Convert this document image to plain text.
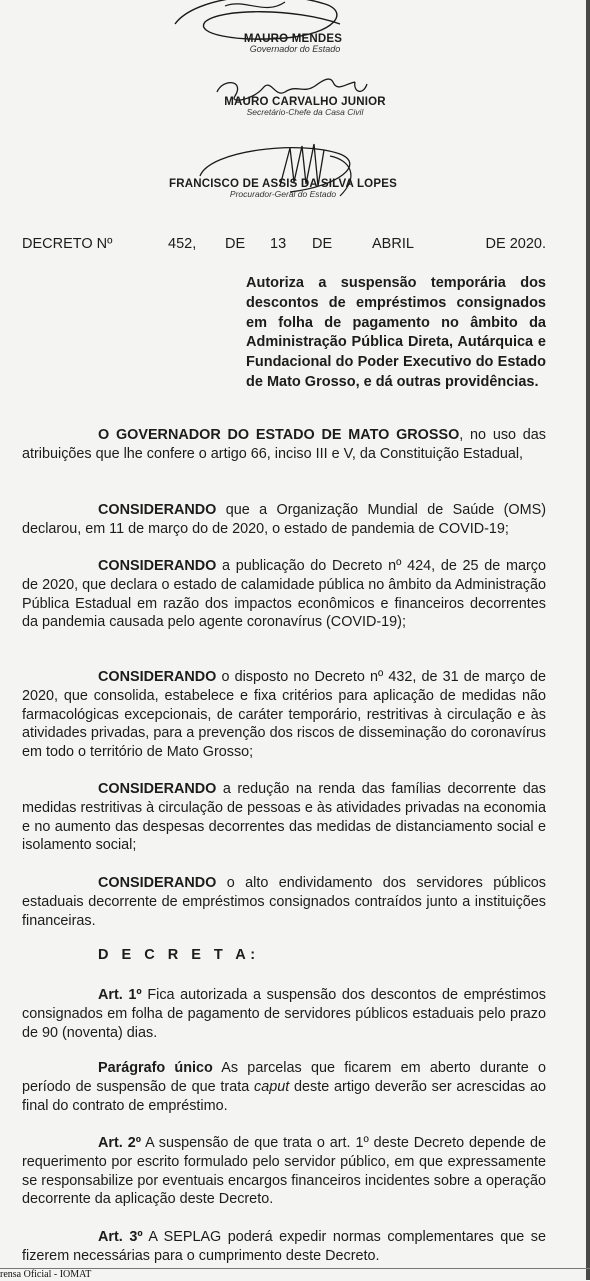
MAURO MENDES
Governador do Estado
MAURO CARVALHO JUNIOR
Secretário-Chefe da Casa Civil
FRANCISCO DE ASSIS DA SILVA LOPES
Procurador-Geral do Estado
DECRETO Nº	452, DE 13 DE	ABRIL	DE 2020.
Autoriza a suspensão temporária dos descontos de empréstimos consignados em folha de pagamento no âmbito da Administração Pública Direta, Autárquica e Fundacional do Poder Executivo do Estado de Mato Grosso, e dá outras providências.

O GOVERNADOR DO ESTADO DE MATO GROSSO, no uso das atribuições que lhe confere o artigo 66, inciso III e V, da Constituição Estadual,

CONSIDERANDO que a Organização Mundial de Saúde (OMS) declarou, em 11 de março do de 2020, o estado de pandemia de COVID-19;

CONSIDERANDO a publicação do Decreto nº 424, de 25 de março de 2020, que declara o estado de calamidade pública no âmbito da Administração Pública Estadual em razão dos impactos econômicos e financeiros decorrentes da pandemia causada pelo agente coronavírus (COVID-19);

CONSIDERANDO o disposto no Decreto nº 432, de 31 de março de 2020, que consolida, estabelece e fixa critérios para aplicação de medidas não farmacológicas excepcionais, de caráter temporário, restritivas à circulação e às atividades privadas, para a prevenção dos riscos de disseminação do coronavírus em todo o território de Mato Grosso;

CONSIDERANDO a redução na renda das famílias decorrente das medidas restritivas à circulação de pessoas e às atividades privadas na economia e no aumento das despesas decorrentes das medidas de distanciamento social e isolamento social;

CONSIDERANDO o alto endividamento dos servidores públicos estaduais decorrente de empréstimos consignados contraídos junto a instituições financeiras.

D E C R E T A:

Art. 1º Fica autorizada a suspensão dos descontos de empréstimos consignados em folha de pagamento de servidores públicos estaduais pelo prazo de 90 (noventa) dias.

Parágrafo único As parcelas que ficarem em aberto durante o período de suspensão de que trata caput deste artigo deverão ser acrescidas ao final do contrato de empréstimo.

Art. 2º A suspensão de que trata o art. 1º deste Decreto depende de requerimento por escrito formulado pelo servidor público, em que expressamente se responsabilize por eventuais encargos financeiros incidentes sobre a operação decorrente da aplicação deste Decreto.

Art. 3º A SEPLAG poderá expedir normas complementares que se fizerem necessárias para o cumprimento deste Decreto.

rensa Oficial - IOMAT
